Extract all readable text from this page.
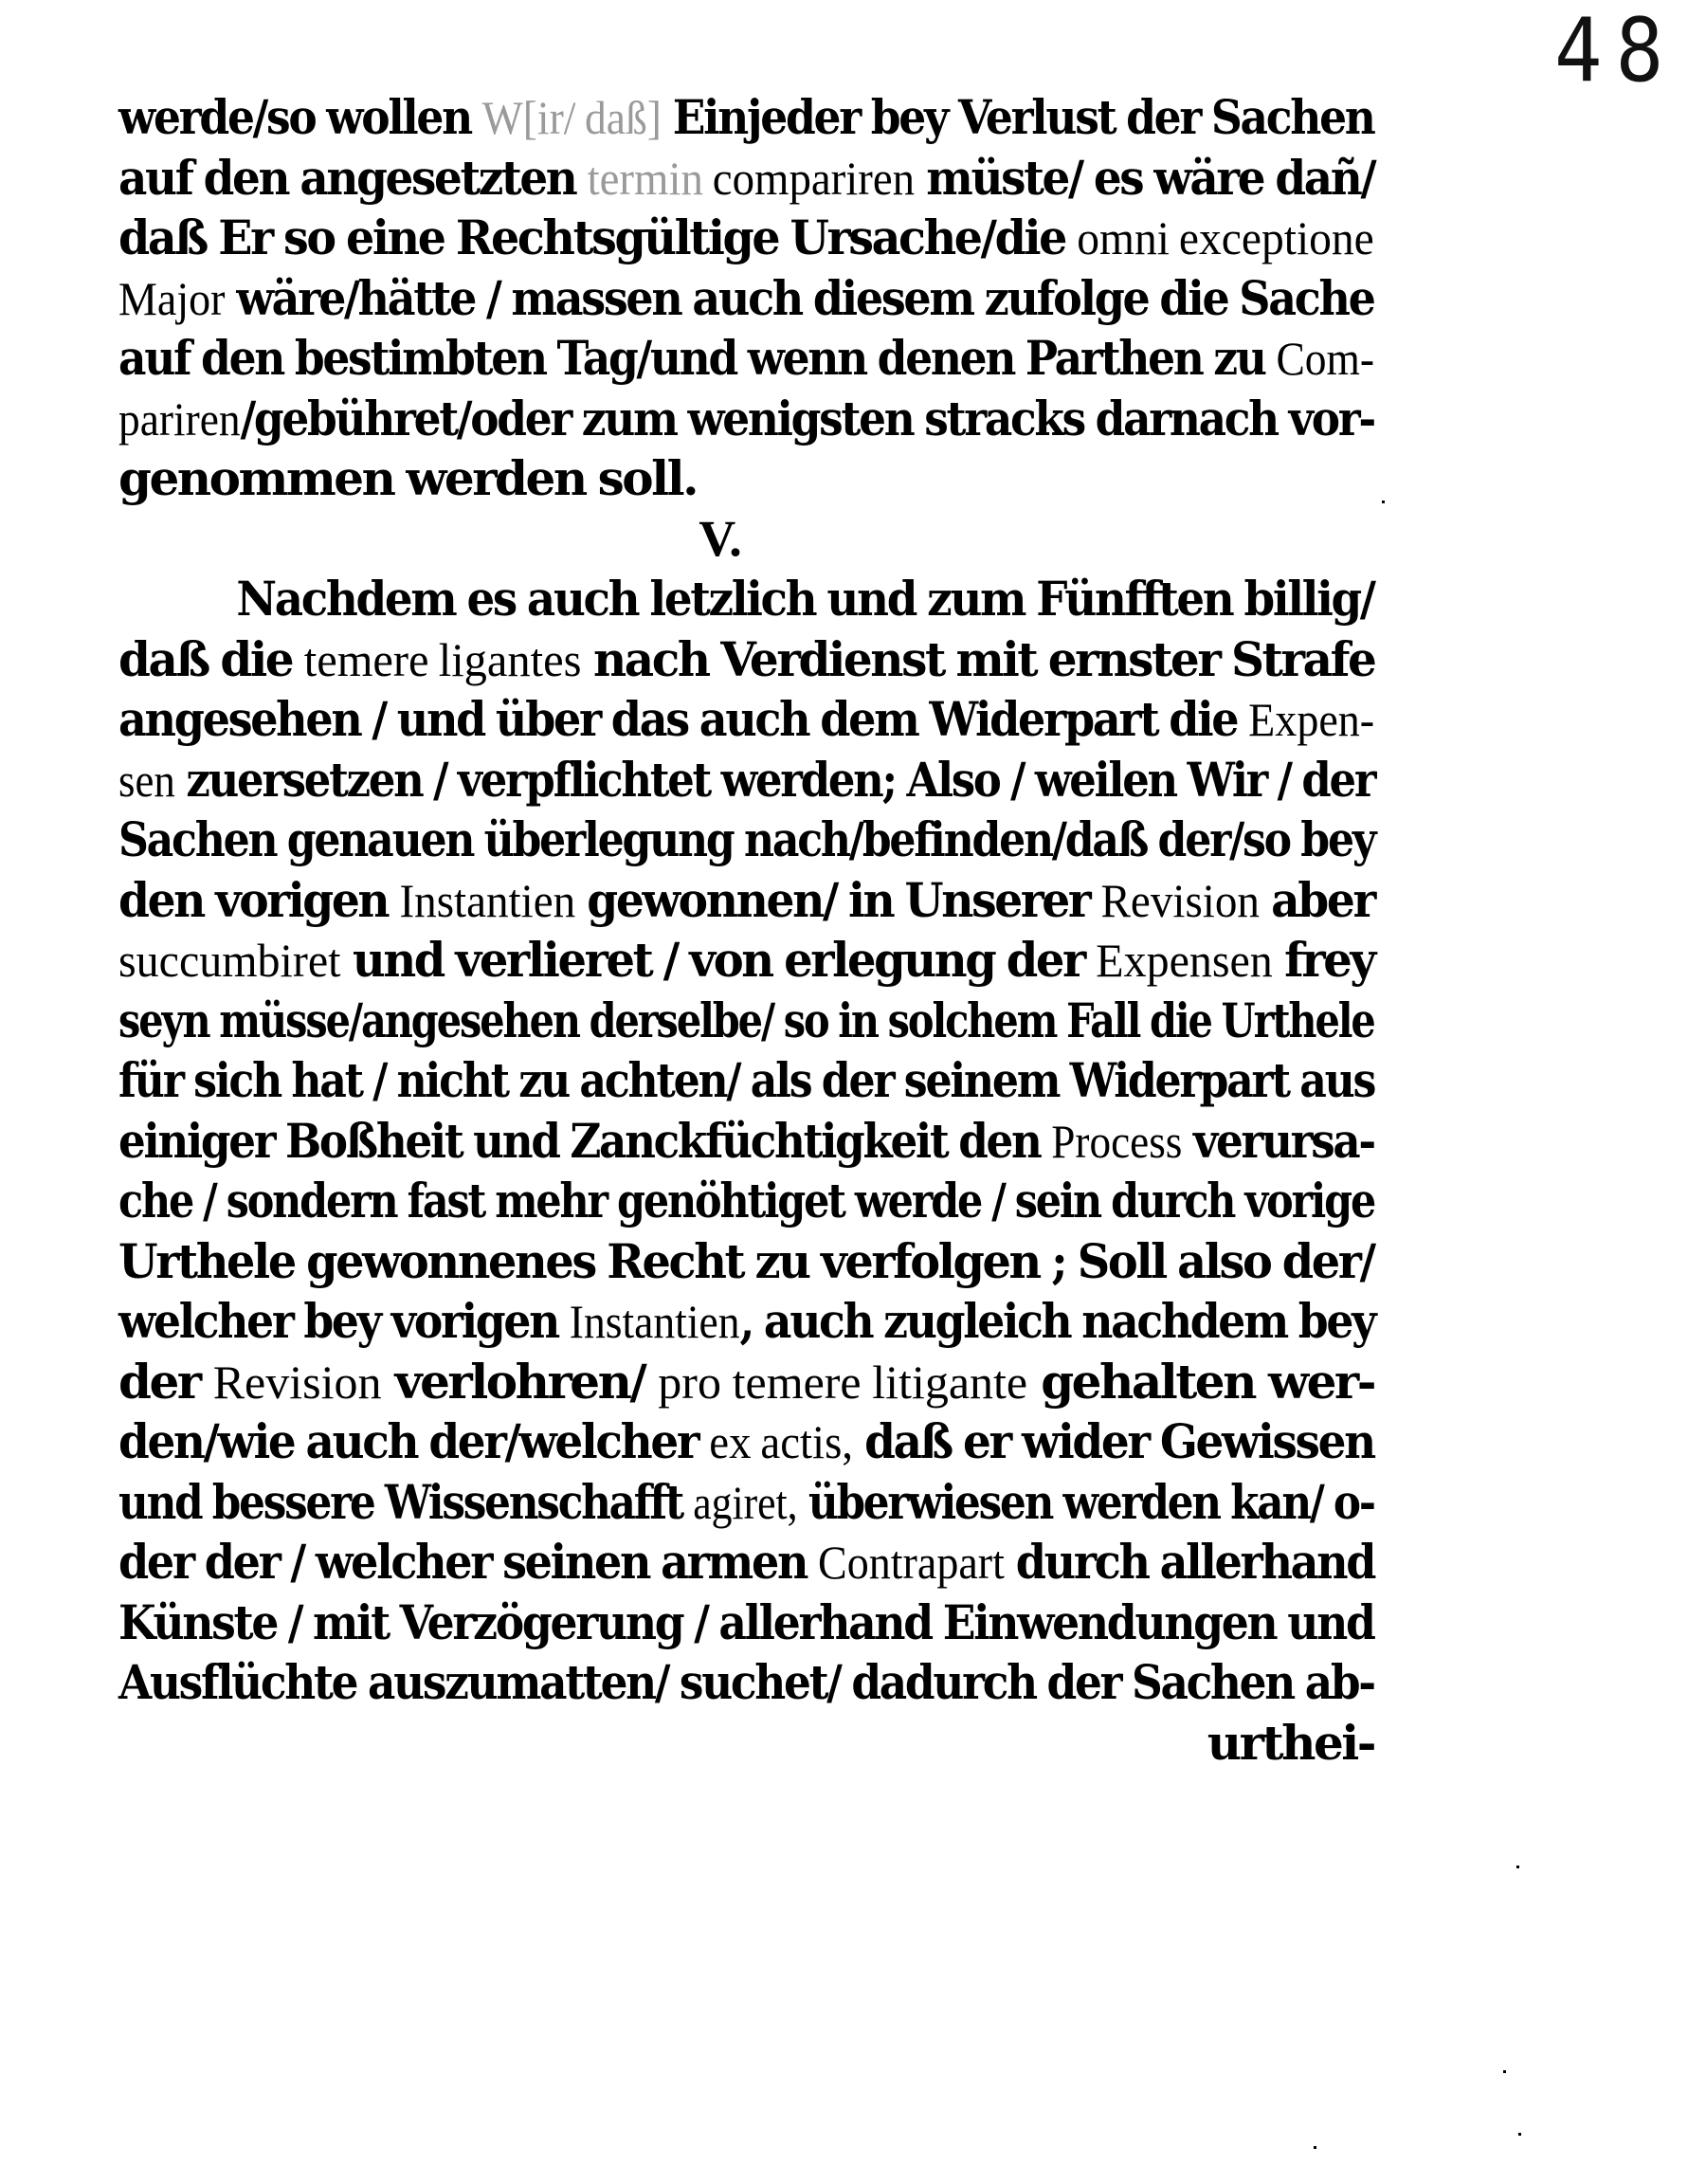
48
werde/so wollen W[ir/ daß] Einjeder bey Verlust der Sachen
auf den angesetzten termin compariren müste/ es wäre dañ/
daß Er so eine Rechtsgültige Ursache/die omni exceptione
Major wäre/hätte / massen auch diesem zufolge die Sache
auf den bestimbten Tag/und wenn denen Parthen zu Com-
pariren/gebühret/oder zum wenigsten stracks darnach vor-
genommen werden soll.
V.
Nachdem es auch letzlich und zum Fünfften billig/
daß die temere ligantes nach Verdienst mit ernster Strafe
angesehen / und über das auch dem Widerpart die Expen-
sen zuersetzen / verpflichtet werden; Also / weilen Wir / der
Sachen genauen überlegung nach/befinden/daß der/so bey
den vorigen Instantien gewonnen/ in Unserer Revision aber
succumbiret und verlieret / von erlegung der Expensen frey
seyn müsse/angesehen derselbe/ so in solchem Fall die Urthele
für sich hat / nicht zu achten/ als der seinem Widerpart aus
einiger Boßheit und Zanckfüchtigkeit den Process verursa-
che / sondern fast mehr genöhtiget werde / sein durch vorige
Urthele gewonnenes Recht zu verfolgen ; Soll also der/
welcher bey vorigen Instantien, auch zugleich nachdem bey
der Revision verlohren/ pro temere litigante gehalten wer-
den/wie auch der/welcher ex actis, daß er wider Gewissen
und bessere Wissenschafft agiret, überwiesen werden kan/ o-
der der / welcher seinen armen Contrapart durch allerhand
Künste / mit Verzögerung / allerhand Einwendungen und
Ausflüchte auszumatten/ suchet/ dadurch der Sachen ab-
urthei-
